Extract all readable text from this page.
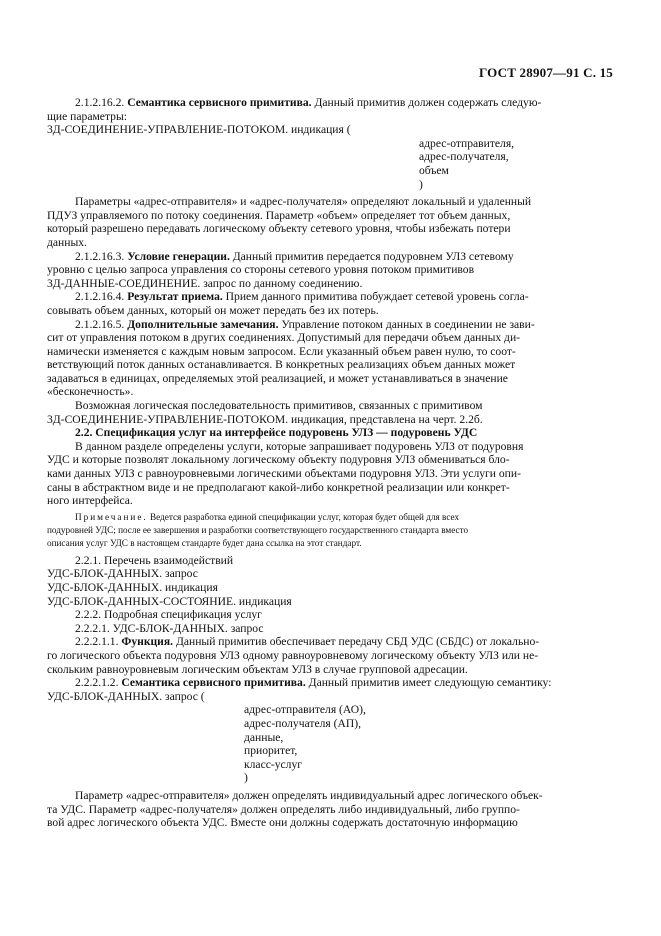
ГОСТ 28907—91 С. 15

2.1.2.16.2. Семантика сервисного примитива. Данный примитив должен содержать следую-

щие параметры:

3Д-СОЕДИНЕНИЕ-УПРАВЛЕНИЕ-ПОТОКОМ. индикация (

адрес-отправителя,

адрес-получателя,

объем

)

Параметры «адрес-отправителя» и «адрес-получателя» определяют локальный и удаленный

ПДУЗ управляемого по потоку соединения. Параметр «объем» определяет тот объем данных,

который разрешено передавать логическому объекту сетевого уровня, чтобы избежать потери

данных.

2.1.2.16.3. Условие генерации. Данный примитив передается подуровнем УЛЗ сетевому

уровню с целью запроса управления со стороны сетевого уровня потоком примитивов

3Д-ДАННЫЕ-СОЕДИНЕНИЕ. запрос по данному соединению.

2.1.2.16.4. Результат приема. Прием данного примитива побуждает сетевой уровень согла-

совывать объем данных, который он может передать без их потерь.

2.1.2.16.5. Дополнительные замечания. Управление потоком данных в соединении не зави-

сит от управления потоком в других соединениях. Допустимый для передачи объем данных ди-

намически изменяется с каждым новым запросом. Если указанный объем равен нулю, то соот-

ветствующий поток данных останавливается. В конкретных реализациях объем данных может

задаваться в единицах, определяемых этой реализацией, и может устанавливаться в значение

«бесконечность».

Возможная логическая последовательность примитивов, связанных с примитивом

3Д-СОЕДИНЕНИЕ-УПРАВЛЕНИЕ-ПОТОКОМ. индикация, представлена на черт. 2.2б.

2.2. Спецификация услуг на интерфейсе подуровень УЛЗ — подуровень УДС

В данном разделе определены услуги, которые запрашивает подуровень УЛЗ от подуровня

УДС и которые позволят локальному логическому объекту подуровня УЛЗ обмениваться бло-

ками данных УЛЗ с равноуровневыми логическими объектами подуровня УЛЗ. Эти услуги опи-

саны в абстрактном виде и не предполагают какой-либо конкретной реализации или конкрет-

ного интерфейса.

Примечание. Ведется разработка единой спецификации услуг, которая будет общей для всех
подуровней УДС; после ее завершения и разработки соответствующего государственного стандарта вместо
описания услуг УДС в настоящем стандарте будет дана ссылка на этот стандарт.

2.2.1. Перечень взаимодействий

УДС-БЛОК-ДАННЫХ. запрос

УДС-БЛОК-ДАННЫХ. индикация

УДС-БЛОК-ДАННЫХ-СОСТОЯНИЕ. индикация

2.2.2. Подробная спецификация услуг

2.2.2.1. УДС-БЛОК-ДАННЫХ. запрос

2.2.2.1.1. Функция. Данный примитив обеспечивает передачу СБД УДС (СБДС) от локально-

го логического объекта подуровня УЛЗ одному равноуровневому логическому объекту УЛЗ или не-

скольким равноуровневым логическим объектам УЛЗ в случае групповой адресации.

2.2.2.1.2. Семантика сервисного примитива. Данный примитив имеет следующую семантику:

УДС-БЛОК-ДАННЫХ. запрос (

адрес-отправителя (АО),

адрес-получателя (АП),

данные,

приоритет,

класс-услуг

)

Параметр «адрес-отправителя» должен определять индивидуальный адрес логического объек-

та УДС. Параметр «адрес-получателя» должен определять либо индивидуальный, либо группо-

вой адрес логического объекта УДС. Вместе они должны содержать достаточную информацию
